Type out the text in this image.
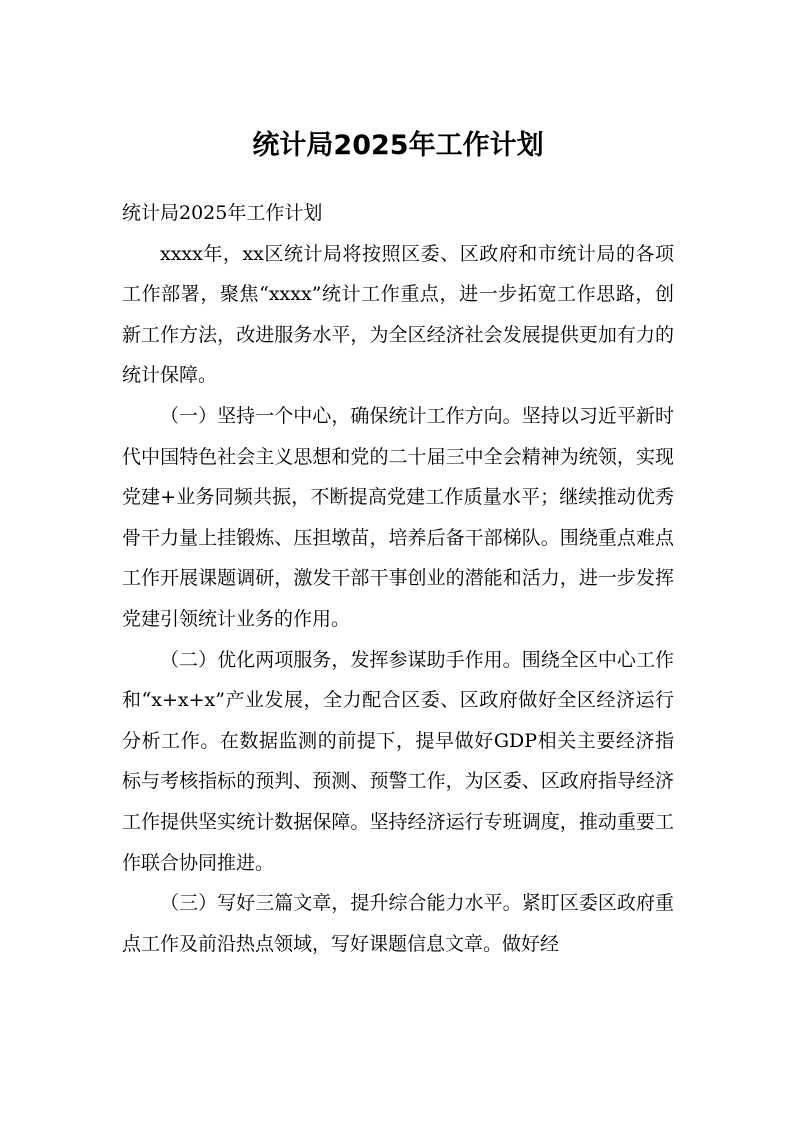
统计局2025年工作计划

统计局2025年工作计划

xxxx年，xx区统计局将按照区委、区政府和市统计局的各项工作部署，聚焦“xxxx”统计工作重点，进一步拓宽工作思路，创新工作方法，改进服务水平，为全区经济社会发展提供更加有力的统计保障。

（一）坚持一个中心，确保统计工作方向。坚持以习近平新时代中国特色社会主义思想和党的二十届三中全会精神为统领，实现党建+业务同频共振，不断提高党建工作质量水平；继续推动优秀骨干力量上挂锻炼、压担墩苗，培养后备干部梯队。围绕重点难点工作开展课题调研，激发干部干事创业的潜能和活力，进一步发挥党建引领统计业务的作用。

（二）优化两项服务，发挥参谋助手作用。围绕全区中心工作和“x+x+x”产业发展，全力配合区委、区政府做好全区经济运行分析工作。在数据监测的前提下，提早做好GDP相关主要经济指标与考核指标的预判、预测、预警工作，为区委、区政府指导经济工作提供坚实统计数据保障。坚持经济运行专班调度，推动重要工作联合协同推进。

（三）写好三篇文章，提升综合能力水平。紧盯区委区政府重点工作及前沿热点领域，写好课题信息文章。做好经
